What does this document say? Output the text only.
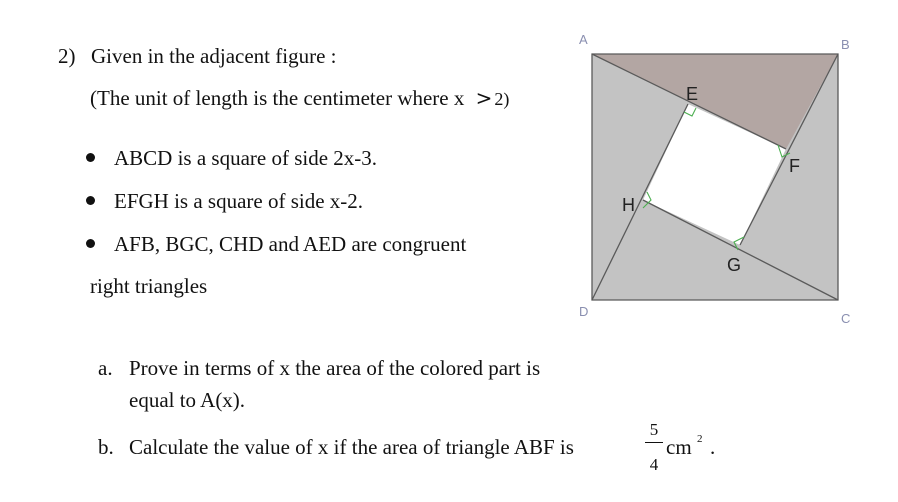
2) Given in the adjacent figure :
(The unit of length is the centimeter where x > 2)
ABCD is a square of side 2x-3.
EFGH is a square of side x-2.
AFB, BGC, CHD and AED are congruent
right triangles
a. Prove in terms of x the area of the colored part is
equal to A(x).
b. Calculate the value of x if the area of triangle ABF is
5
4
cm 2 .
A	B
C
D
E
F
G
H
